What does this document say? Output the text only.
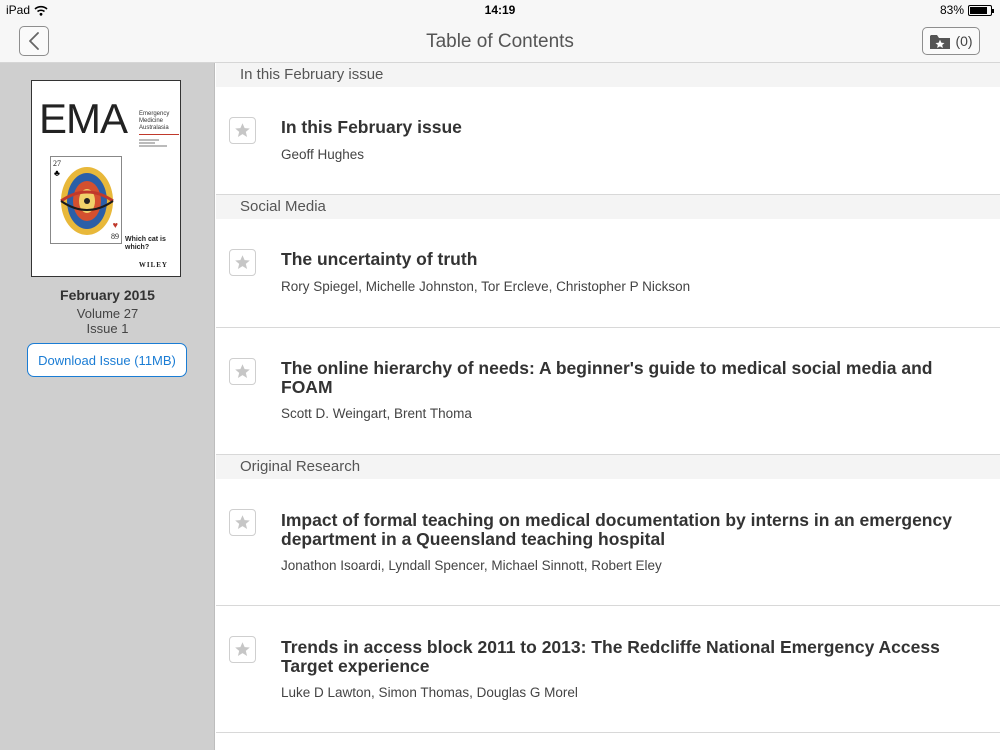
iPad	14:19	83%
Table of Contents	(0)
EMA Emergency Medicine Australasia
27
♣
♥
89 Which cat is which?
WILEY
February 2015
Volume 27
Issue 1
Download Issue (11MB)
In this February issue
In this February issue
Geoff Hughes
Social Media
The uncertainty of truth
Rory Spiegel, Michelle Johnston, Tor Ercleve, Christopher P Nickson
The online hierarchy of needs: A beginner's guide to medical social media and FOAM
Scott D. Weingart, Brent Thoma
Original Research
Impact of formal teaching on medical documentation by interns in an emergency department in a Queensland teaching hospital
Jonathon Isoardi, Lyndall Spencer, Michael Sinnott, Robert Eley
Trends in access block 2011 to 2013: The Redcliffe National Emergency Access Target experience
Luke D Lawton, Simon Thomas, Douglas G Morel
